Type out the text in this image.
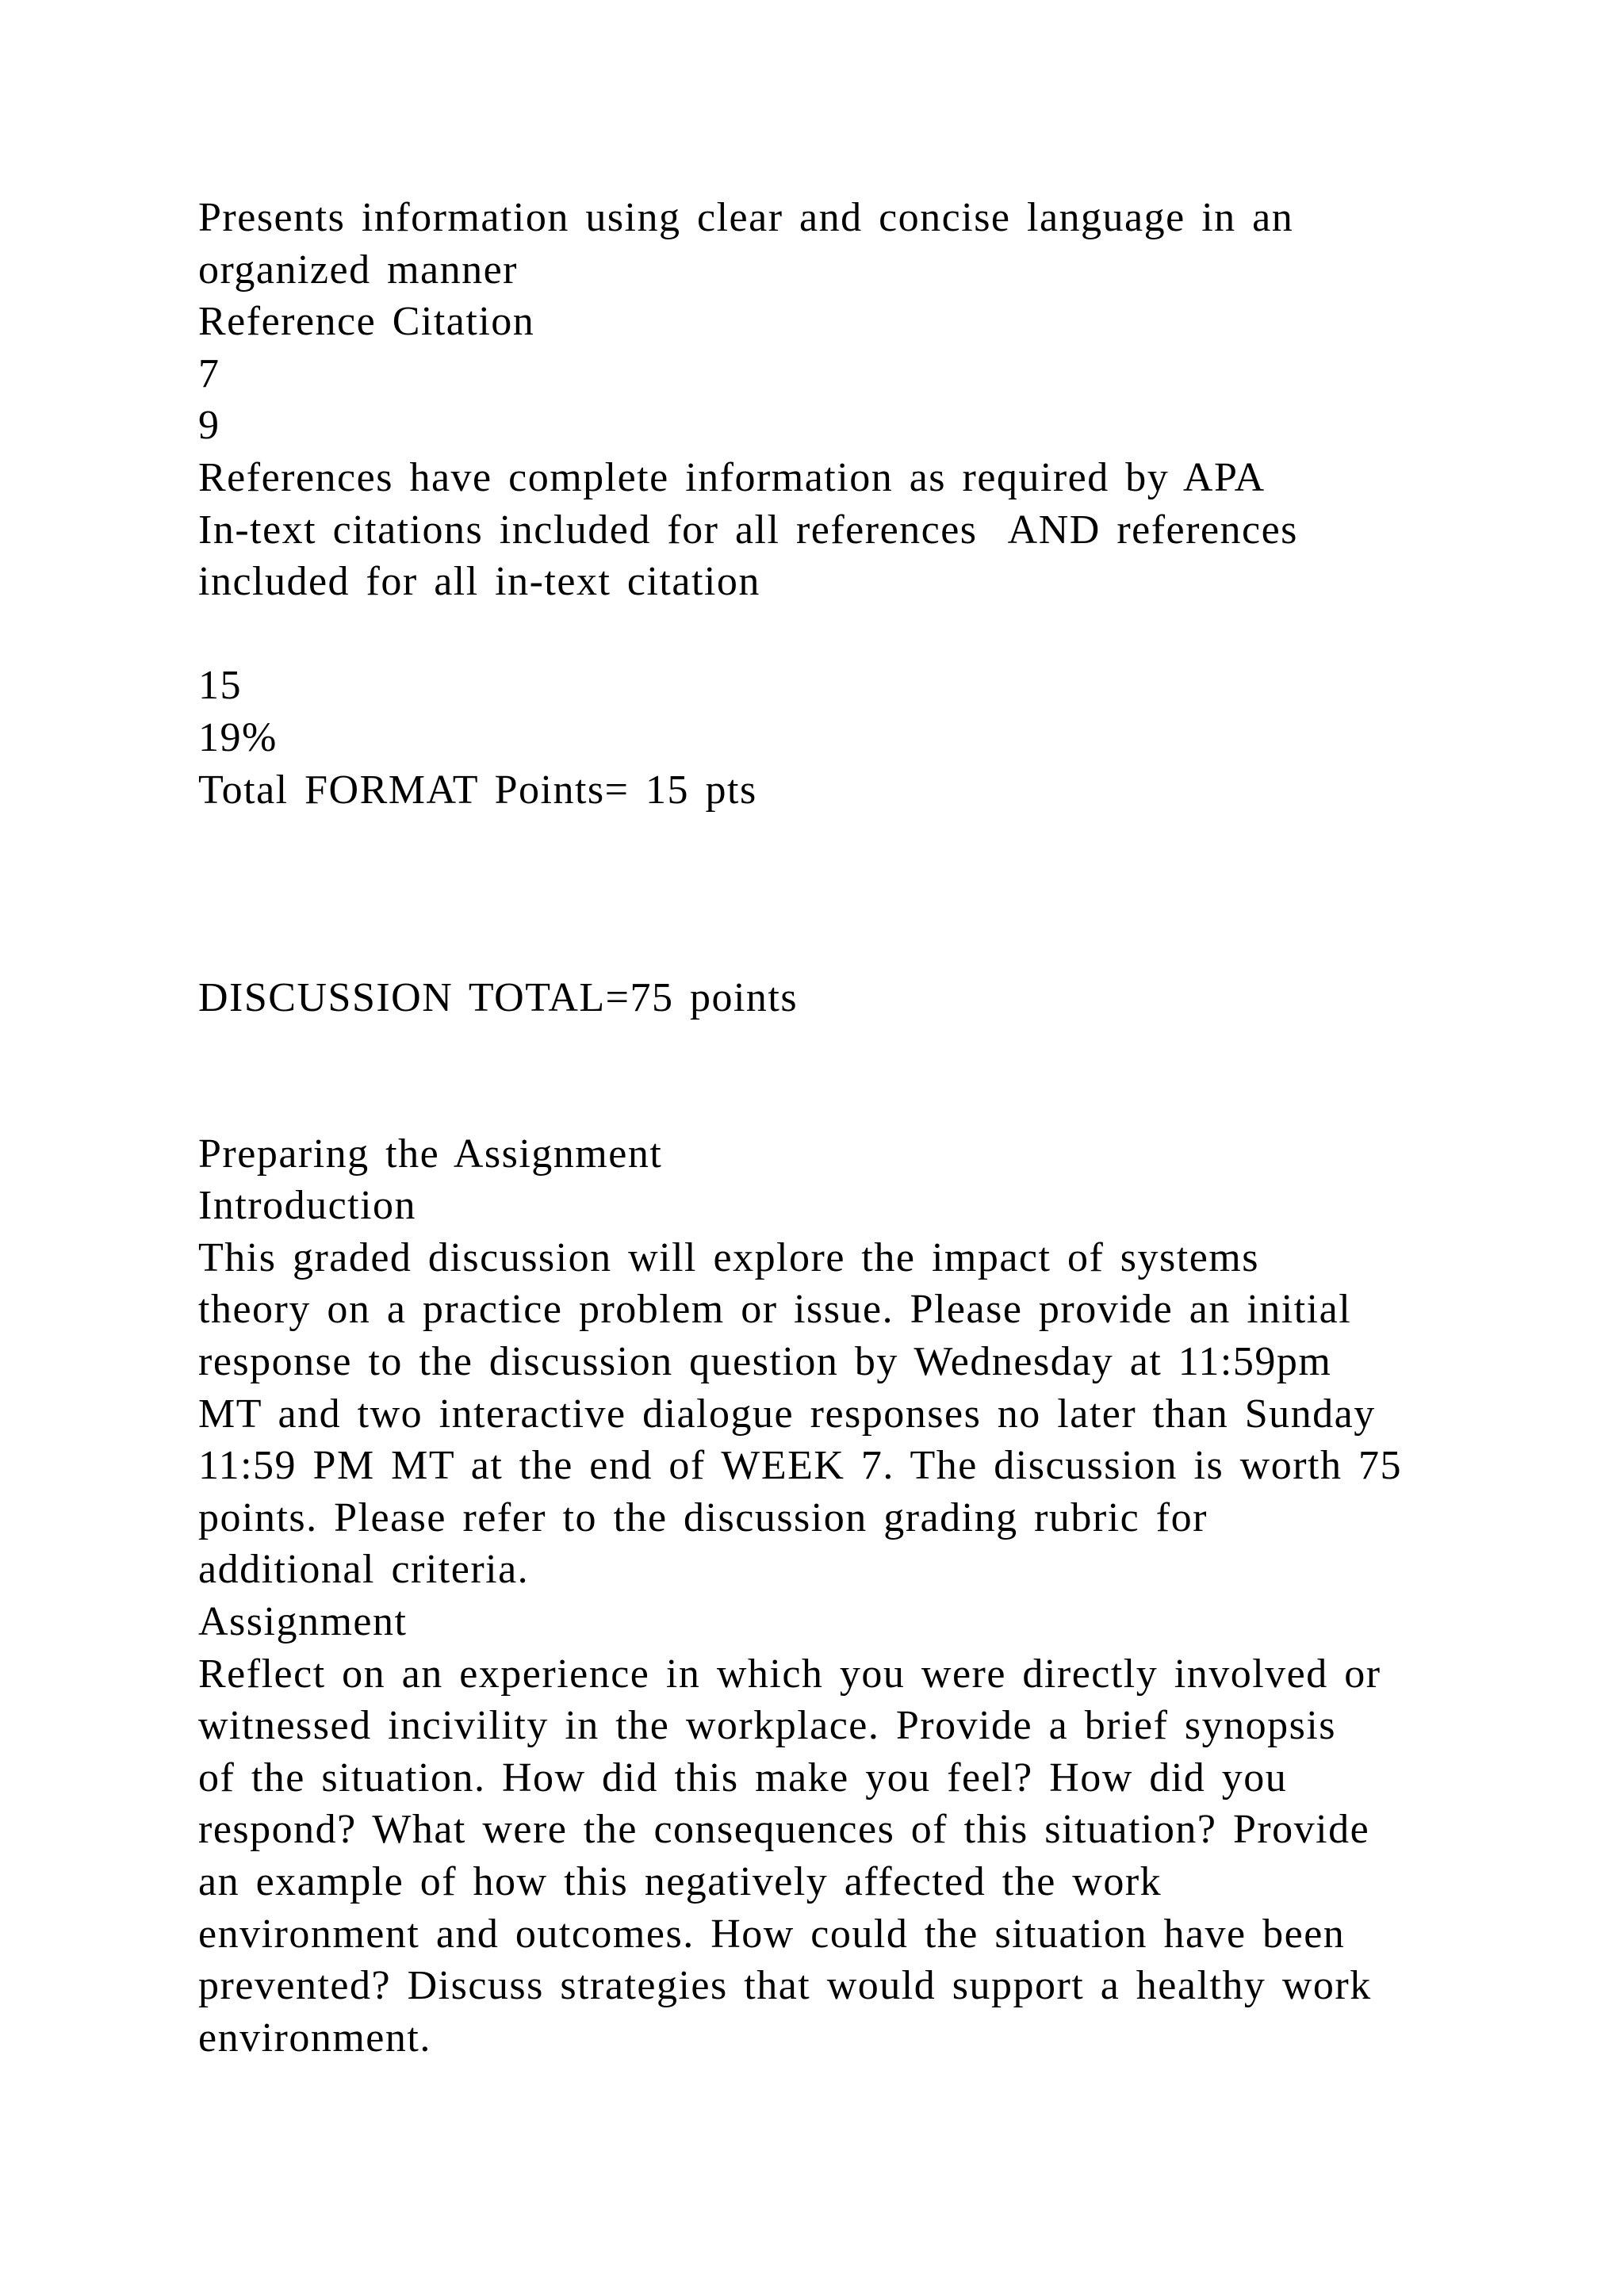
Presents information using clear and concise language in an
organized manner
Reference Citation
7
9
References have complete information as required by APA
In-text citations included for all references  AND references
included for all in-text citation
15
19%
Total FORMAT Points= 15 pts
DISCUSSION TOTAL=75 points
Preparing the Assignment
Introduction
This graded discussion will explore the impact of systems
theory on a practice problem or issue. Please provide an initial
response to the discussion question by Wednesday at 11:59pm
MT and two interactive dialogue responses no later than Sunday
11:59 PM MT at the end of WEEK 7. The discussion is worth 75
points. Please refer to the discussion grading rubric for
additional criteria.
Assignment
Reflect on an experience in which you were directly involved or
witnessed incivility in the workplace. Provide a brief synopsis
of the situation. How did this make you feel? How did you
respond? What were the consequences of this situation? Provide
an example of how this negatively affected the work
environment and outcomes. How could the situation have been
prevented? Discuss strategies that would support a healthy work
environment.
